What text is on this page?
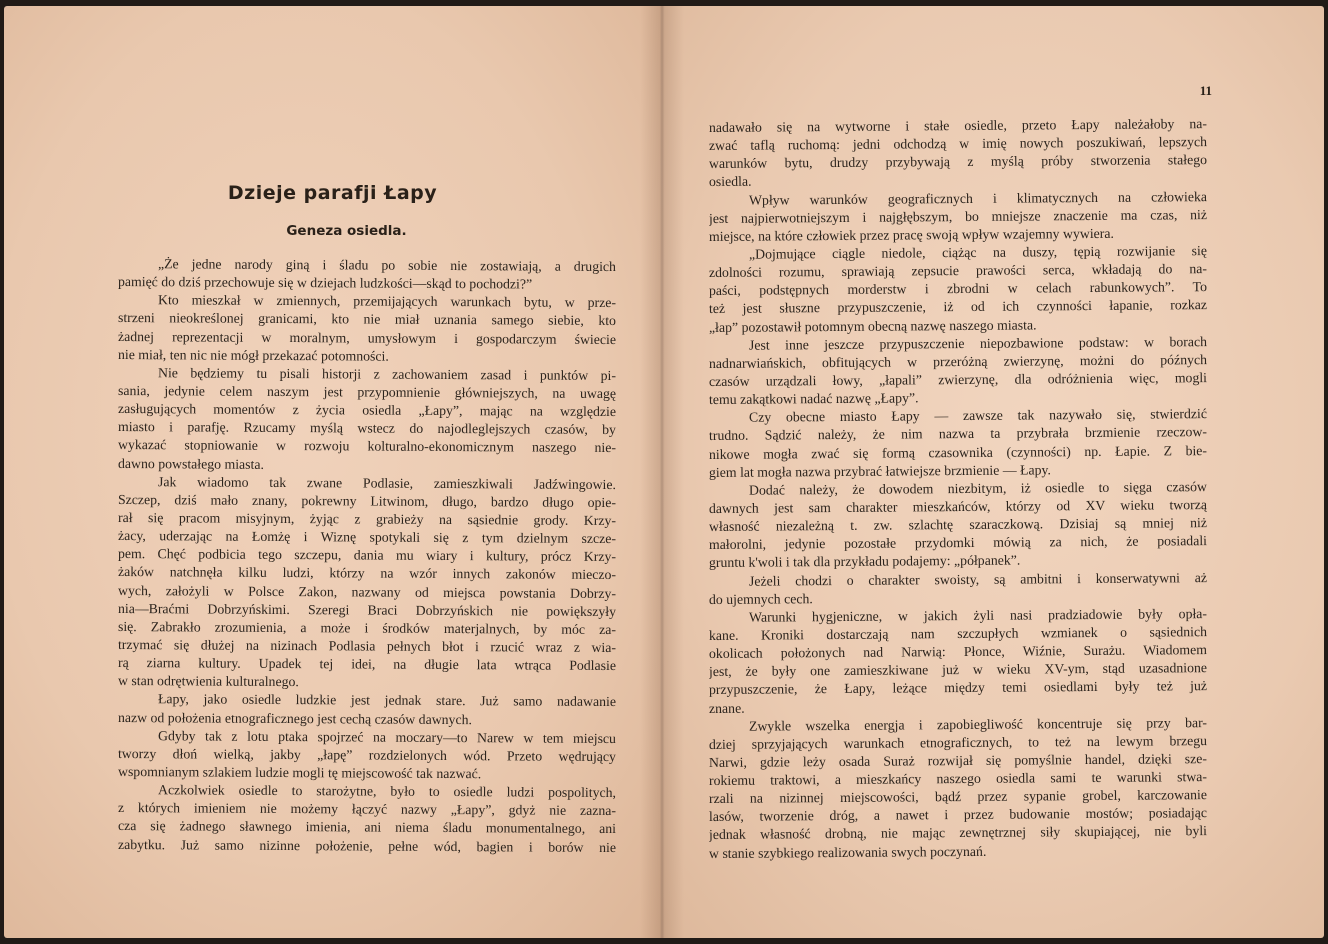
Dzieje parafji Łapy
Geneza osiedla.
„Że jedne narody giną i śladu po sobie nie zostawiają, a drugich
pamięć do dziś przechowuje się w dziejach ludzkości—skąd to pochodzi?”
Kto mieszkał w zmiennych, przemijających warunkach bytu, w prze-
strzeni nieokreślonej granicami, kto nie miał uznania samego siebie, kto
żadnej reprezentacji w moralnym, umysłowym i gospodarczym świecie
nie miał, ten nic nie mógł przekazać potomności.
Nie będziemy tu pisali historji z zachowaniem zasad i punktów pi-
sania, jedynie celem naszym jest przypomnienie główniejszych, na uwagę
zasługujących momentów z życia osiedla „Łapy”, mając na względzie
miasto i parafję. Rzucamy myślą wstecz do najodleglejszych czasów, by
wykazać stopniowanie w rozwoju kolturalno-ekonomicznym naszego nie-
dawno powstałego miasta.
Jak wiadomo tak zwane Podlasie, zamieszkiwali Jadźwingowie.
Szczep, dziś mało znany, pokrewny Litwinom, długo, bardzo długo opie-
rał się pracom misyjnym, żyjąc z grabieży na sąsiednie grody. Krzy-
żacy, uderzając na Łomżę i Wiznę spotykali się z tym dzielnym szcze-
pem. Chęć podbicia tego szczepu, dania mu wiary i kultury, prócz Krzy-
żaków natchnęła kilku ludzi, którzy na wzór innych zakonów mieczo-
wych, założyli w Polsce Zakon, nazwany od miejsca powstania Dobrzy-
nia—Braćmi Dobrzyńskimi. Szeregi Braci Dobrzyńskich nie powiększyły
się. Zabrakło zrozumienia, a może i środków materjalnych, by móc za-
trzymać się dłużej na nizinach Podlasia pełnych błot i rzucić wraz z wia-
rą ziarna kultury. Upadek tej idei, na długie lata wtrąca Podlasie
w stan odrętwienia kulturalnego.
Łapy, jako osiedle ludzkie jest jednak stare. Już samo nadawanie
nazw od położenia etnograficznego jest cechą czasów dawnych.
Gdyby tak z lotu ptaka spojrzeć na moczary—to Narew w tem miejscu
tworzy dłoń wielką, jakby „łapę” rozdzielonych wód. Przeto wędrujący
wspomnianym szlakiem ludzie mogli tę miejscowość tak nazwać.
Aczkolwiek osiedle to starożytne, było to osiedle ludzi pospolitych,
z których imieniem nie możemy łączyć nazwy „Łapy”, gdyż nie zazna-
cza się żadnego sławnego imienia, ani niema śladu monumentalnego, ani
zabytku. Już samo nizinne położenie, pełne wód, bagien i borów nie
11
nadawało się na wytworne i stałe osiedle, przeto Łapy należałoby na-
zwać taflą ruchomą: jedni odchodzą w imię nowych poszukiwań, lepszych
warunków bytu, drudzy przybywają z myślą próby stworzenia stałego
osiedla.
Wpływ warunków geograficznych i klimatycznych na człowieka
jest najpierwotniejszym i najgłębszym, bo mniejsze znaczenie ma czas, niż
miejsce, na które człowiek przez pracę swoją wpływ wzajemny wywiera.
„Dojmujące ciągle niedole, ciążąc na duszy, tępią rozwijanie się
zdolności rozumu, sprawiają zepsucie prawości serca, wkładają do na-
paści, podstępnych morderstw i zbrodni w celach rabunkowych”. To
też jest słuszne przypuszczenie, iż od ich czynności łapanie, rozkaz
„łap” pozostawił potomnym obecną nazwę naszego miasta.
Jest inne jeszcze przypuszczenie niepozbawione podstaw: w borach
nadnarwiańskich, obfitujących w przeróżną zwierzynę, możni do późnych
czasów urządzali łowy, „łapali” zwierzynę, dla odróżnienia więc, mogli
temu zakątkowi nadać nazwę „Łapy”.
Czy obecne miasto Łapy — zawsze tak nazywało się, stwierdzić
trudno. Sądzić należy, że nim nazwa ta przybrała brzmienie rzeczow-
nikowe mogła zwać się formą czasownika (czynności) np. Łapie. Z bie-
giem lat mogła nazwa przybrać łatwiejsze brzmienie — Łapy.
Dodać należy, że dowodem niezbitym, iż osiedle to sięga czasów
dawnych jest sam charakter mieszkańców, którzy od XV wieku tworzą
własność niezależną t. zw. szlachtę szaraczkową. Dzisiaj są mniej niż
małorolni, jedynie pozostałe przydomki mówią za nich, że posiadali
gruntu k'woli i tak dla przykładu podajemy: „półpanek”.
Jeżeli chodzi o charakter swoisty, są ambitni i konserwatywni aż
do ujemnych cech.
Warunki hygjeniczne, w jakich żyli nasi pradziadowie były opła-
kane. Kroniki dostarczają nam szczupłych wzmianek o sąsiednich
okolicach położonych nad Narwią: Płonce, Wiźnie, Surażu. Wiadomem
jest, że były one zamieszkiwane już w wieku XV-ym, stąd uzasadnione
przypuszczenie, że Łapy, leżące między temi osiedlami były też już
znane.
Zwykle wszelka energja i zapobiegliwość koncentruje się przy bar-
dziej sprzyjających warunkach etnograficznych, to też na lewym brzegu
Narwi, gdzie leży osada Suraż rozwijał się pomyślnie handel, dzięki sze-
rokiemu traktowi, a mieszkańcy naszego osiedla sami te warunki stwa-
rzali na nizinnej miejscowości, bądź przez sypanie grobel, karczowanie
lasów, tworzenie dróg, a nawet i przez budowanie mostów; posiadając
jednak własność drobną, nie mając zewnętrznej siły skupiającej, nie byli
w stanie szybkiego realizowania swych poczynań.
